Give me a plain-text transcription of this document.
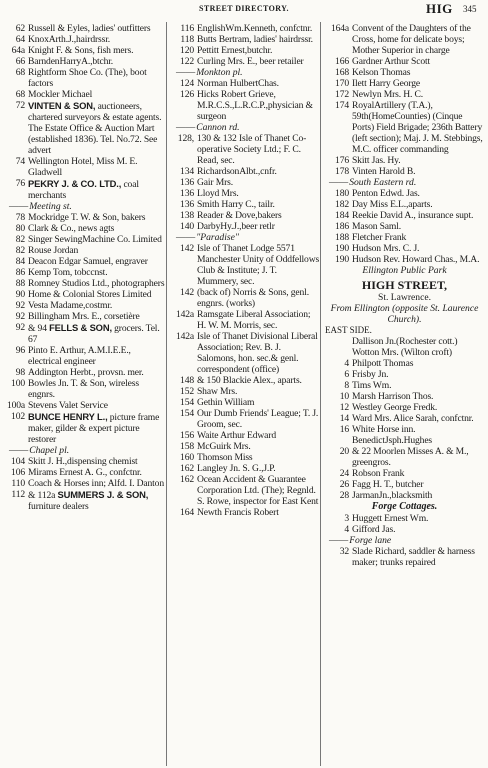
STREET DIRECTORY.	HIG 345
62 Russell & Eyles, ladies' outfitters
64 KnoxArth.J.,hairdrssr.
64a Knight F. & Sons, fish mers.
66 BarndenHarryA.,btchr.
68 Rightform Shoe Co. (The), boot factors
68 Mockler Michael
72 VINTEN & SON, auctioneers, chartered surveyors & estate agents. The Estate Office & Auction Mart (established 1836). Tel. No.72. See advert
74 Wellington Hotel, Miss M. E. Gladwell
76 PEKRY J. & CO. LTD., coal merchants
—— Meeting st.
78 Mockridge T. W. & Son, bakers
80 Clark & Co., news agts
82 Singer SewingMachine Co. Limited
82 Rouse Jordan
84 Deacon Edgar Samuel, engraver
86 Kemp Tom, tobccnst.
88 Romney Studios Ltd., photographers
90 Home & Colonial Stores Limited
92 Vesta Madame,costmr.
92 Billingham Mrs. E., corsetière
92 & 94 FELLS & SON, grocers. Tel. 67
96 Pinto E. Arthur, A.M.I.E.E., electrical engineer
98 Addington Herbt., provsn. mer.
100 Bowles Jn. T. & Son, wireless engnrs.
100a Stevens Valet Service
102 BUNCE HENRY L., picture frame maker, gilder & expert picture restorer
—— Chapel pl.
104 Skitt J. H.,dispensing chemist
106 Mirams Ernest A. G., confctnr.
110 Coach & Horses inn; Alfd. I. Danton
112 & 112a SUMMERS J. & SON, furniture dealers
116 EnglishWm.Kenneth, confctnr.
118 Butts Bertram, ladies' hairdrssr.
120 Pettitt Ernest,butchr.
122 Curling Mrs. E., beer retailer
—— Monkton pl.
124 Norman HulbertChas.
126 Hicks Robert Grieve, M.R.C.S.,L.R.C.P.,physician & surgeon
—— Cannon rd.
128, 130 & 132 Isle of Thanet Co-operative Society Ltd.; F. C. Read, sec.
134 RichardsonAlbt.,cnfr.
136 Gair Mrs.
136 Lloyd Mrs.
136 Smith Harry C., tailr.
138 Reader & Dove,bakers
140 DarbyHy.J.,beer retlr
—— "Paradise"
142 Isle of Thanet Lodge 5571 Manchester Unity of Oddfellows Club & Institute; J. T. Mummery, sec.
142 (back of) Norris & Sons, genl. engnrs. (works)
142a Ramsgate Liberal Association; H. W. M. Morris, sec.
142a Isle of Thanet Divisional Liberal Association; Rev. B. J. Salomons, hon. sec.& genl. correspondent (office)
148 & 150 Blackie Alex., aparts.
152 Shaw Mrs.
154 Gethin William
154 Our Dumb Friends' League; T. J. Groom, sec.
156 Waite Arthur Edward
158 McGuirk Mrs.
160 Thomson Miss
162 Langley Jn. S. G.,J.P.
162 Ocean Accident & Guarantee Corporation Ltd. (The); Regnld. S. Rowe, inspector for East Kent
164 Newth Francis Robert
164a Convent of the Daughters of the Cross, home for delicate boys; Mother Superior in charge
166 Gardner Arthur Scott
168 Kelson Thomas
170 Ilett Harry George
172 Newlyn Mrs. H. C.
174 RoyalArtillery (T.A.), 59th(HomeCounties) (Cinque Ports) Field Brigade; 236th Battery (left section); Maj. J. M. Stebbings, M.C. officer commanding
176 Skitt Jas. Hy.
178 Vinten Harold B.
—— South Eastern rd.
180 Penton Edwd. Jas.
182 Day Miss E.L.,aparts.
184 Reekie David A., insurance supt.
186 Mason Saml.
188 Fletcher Frank
190 Hudson Mrs. C. J.
190 Hudson Rev. Howard Chas., M.A.
Ellington Public Park
HIGH STREET,
St. Lawrence.
From Ellington (opposite St. Laurence Church).
EAST SIDE.
Dallison Jn.(Rochester cott.)
Wotton Mrs. (Wilton croft)
4 Philpott Thomas
6 Frisby Jn.
8 Tims Wm.
10 Marsh Harrison Thos.
12 Westley George Fredk.
14 Ward Mrs. Alice Sarah, confctnr.
16 White Horse inn. BenedictJsph.Hughes
20 & 22 Moorlen Misses A. & M., greengros.
24 Robson Frank
26 Fagg H. T., butcher
28 JarmanJn.,blacksmith
Forge Cottages.
3 Huggett Ernest Wm.
4 Gifford Jas.
—— Forge lane
32 Slade Richard, saddler & harness maker; trunks repaired
